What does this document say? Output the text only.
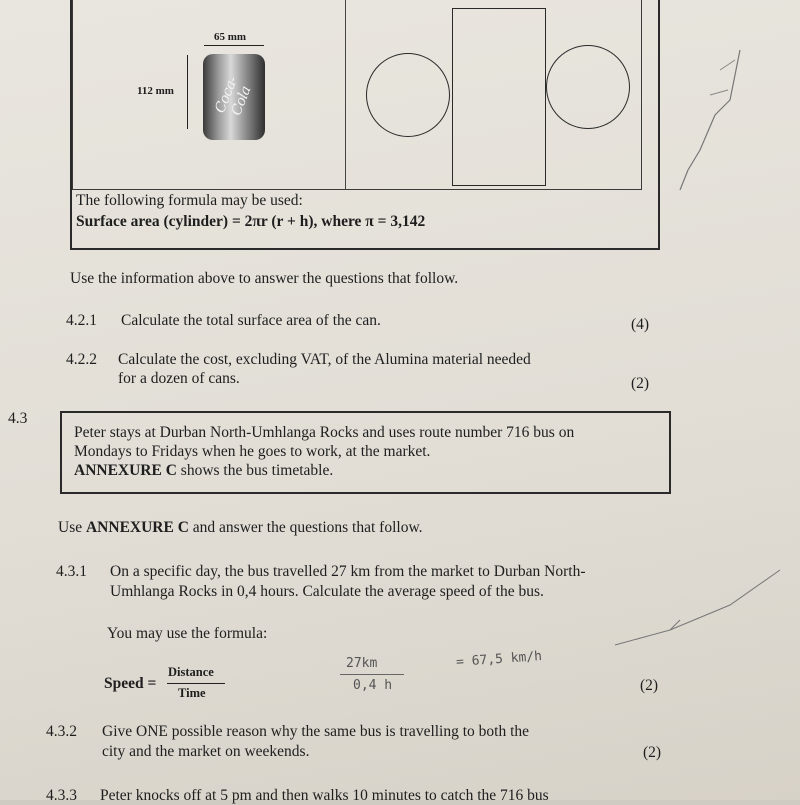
65 mm
112 mm	Coca-Cola
The following formula may be used:
Surface area (cylinder) = 2πr (r + h), where π = 3,142
Use the information above to answer the questions that follow.
4.2.1 Calculate the total surface area of the can.	(4)
4.2.2 Calculate the cost, excluding VAT, of the Alumina material needed
for a dozen of cans.	(2)
4.3
Peter stays at Durban North-Umhlanga Rocks and uses route number 716 bus on
Mondays to Fridays when he goes to work, at the market.
ANNEXURE C shows the bus timetable.
Use ANNEXURE C and answer the questions that follow.
4.3.1 On a specific day, the bus travelled 27 km from the market to Durban North-
Umhlanga Rocks in 0,4 hours. Calculate the average speed of the bus.
You may use the formula:
Speed =
Distance
Time	(2)
27km
0,4 h
= 67,5 km/h
4.3.2 Give ONE possible reason why the same bus is travelling to both the
city and the market on weekends.	(2)
4.3.3 Peter knocks off at 5 pm and then walks 10 minutes to catch the 716 bus
